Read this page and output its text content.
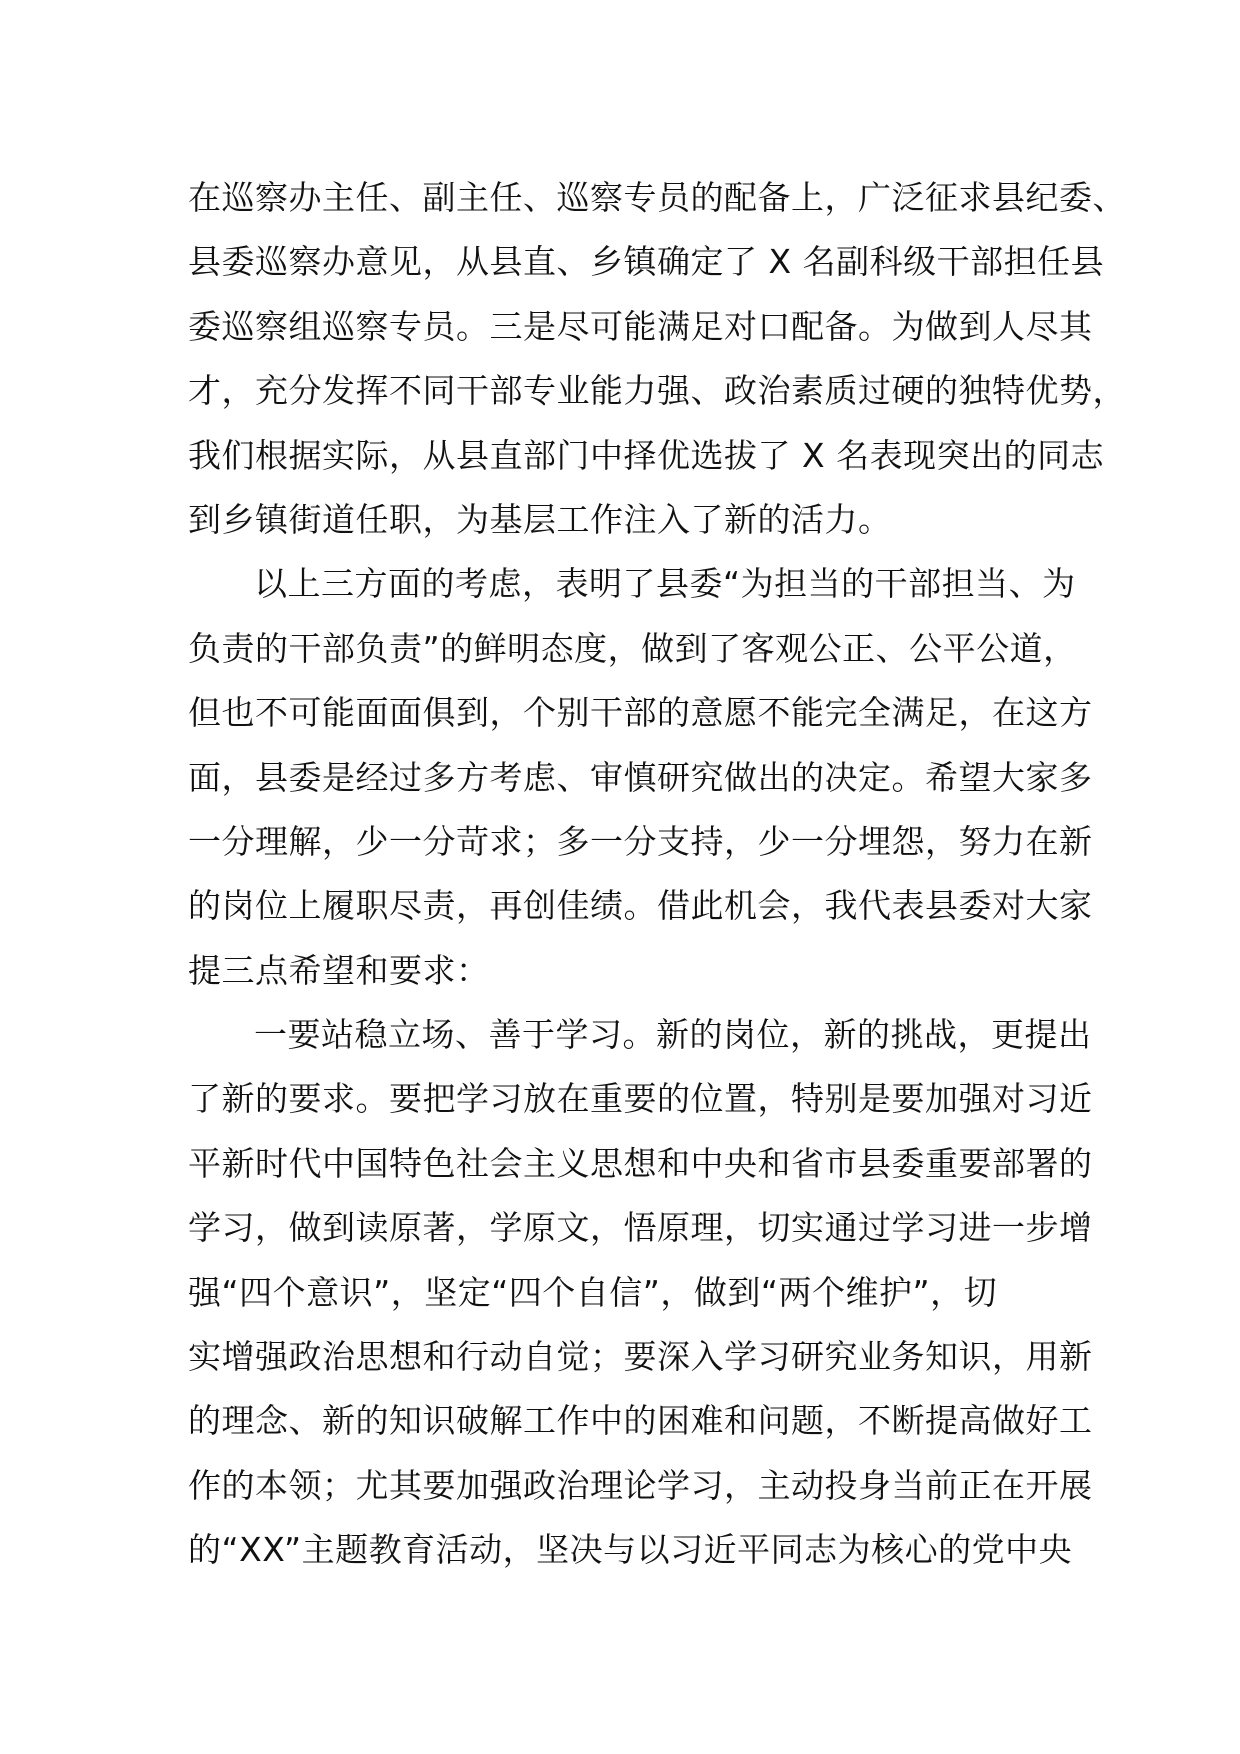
在巡察办主任、副主任、巡察专员的配备上，广泛征求县纪委、
县委巡察办意见，从县直、乡镇确定了 X 名副科级干部担任县
委巡察组巡察专员。三是尽可能满足对口配备。为做到人尽其
才，充分发挥不同干部专业能力强、政治素质过硬的独特优势，
我们根据实际，从县直部门中择优选拔了 X 名表现突出的同志
到乡镇街道任职，为基层工作注入了新的活力。
以上三方面的考虑，表明了县委“为担当的干部担当、为
负责的干部负责”的鲜明态度，做到了客观公正、公平公道，
但也不可能面面俱到，个别干部的意愿不能完全满足，在这方
面，县委是经过多方考虑、审慎研究做出的决定。希望大家多
一分理解，少一分苛求；多一分支持，少一分埋怨，努力在新
的岗位上履职尽责，再创佳绩。借此机会，我代表县委对大家
提三点希望和要求：
一要站稳立场、善于学习。新的岗位，新的挑战，更提出
了新的要求。要把学习放在重要的位置，特别是要加强对习近
平新时代中国特色社会主义思想和中央和省市县委重要部署的
学习，做到读原著，学原文，悟原理，切实通过学习进一步增
强“四个意识”，坚定“四个自信”，做到“两个维护”，切
实增强政治思想和行动自觉；要深入学习研究业务知识，用新
的理念、新的知识破解工作中的困难和问题，不断提高做好工
作的本领；尤其要加强政治理论学习，主动投身当前正在开展
的“XX”主题教育活动，坚决与以习近平同志为核心的党中央
